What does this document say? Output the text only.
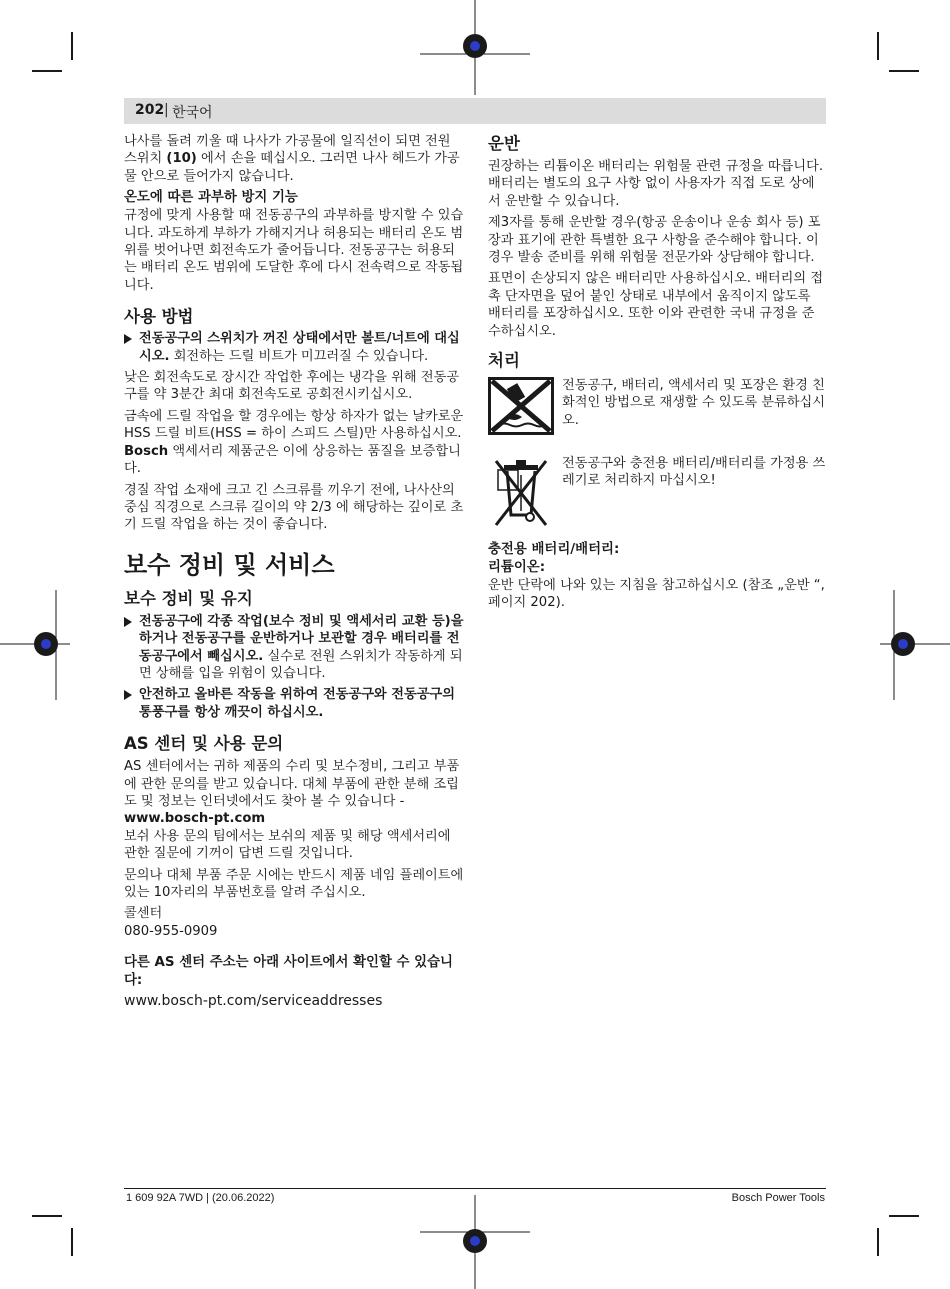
202 | 한국어

나사를 돌려 끼울 때 나사가 가공물에 일직선이 되면 전원 스위치 (10) 에서 손을 떼십시오. 그러면 나사 헤드가 가공물 안으로 들어가지 않습니다.

온도에 따른 과부하 방지 기능

규정에 맞게 사용할 때 전동공구의 과부하를 방지할 수 있습니다. 과도하게 부하가 가해지거나 허용되는 배터리 온도 범위를 벗어나면 회전속도가 줄어듭니다. 전동공구는 허용되는 배터리 온도 범위에 도달한 후에 다시 전속력으로 작동됩니다.

사용 방법
전동공구의 스위치가 꺼진 상태에서만 볼트/너트에 대십시오. 회전하는 드릴 비트가 미끄러질 수 있습니다.

낮은 회전속도로 장시간 작업한 후에는 냉각을 위해 전동공구를 약 3분간 최대 회전속도로 공회전시키십시오.

금속에 드릴 작업을 할 경우에는 항상 하자가 없는 날카로운 HSS 드릴 비트(HSS = 하이 스피드 스틸)만 사용하십시오. Bosch 액세서리 제품군은 이에 상응하는 품질을 보증합니다.

경질 작업 소재에 크고 긴 스크류를 끼우기 전에, 나사산의 중심 직경으로 스크류 길이의 약 2/3 에 해당하는 깊이로 초기 드릴 작업을 하는 것이 좋습니다.

보수 정비 및 서비스
보수 정비 및 유지
전동공구에 각종 작업(보수 정비 및 액세서리 교환 등)을 하거나 전동공구를 운반하거나 보관할 경우 배터리를 전동공구에서 빼십시오. 실수로 전원 스위치가 작동하게 되면 상해를 입을 위험이 있습니다.
안전하고 올바른 작동을 위하여 전동공구와 전동공구의 통풍구를 항상 깨끗이 하십시오.
AS 센터 및 사용 문의

AS 센터에서는 귀하 제품의 수리 및 보수정비, 그리고 부품에 관한 문의를 받고 있습니다. 대체 부품에 관한 분해 조립도 및 정보는 인터넷에서도 찾아 볼 수 있습니다 - www.bosch-pt.com

보쉬 사용 문의 팀에서는 보쉬의 제품 및 해당 액세서리에 관한 질문에 기꺼이 답변 드릴 것입니다.

문의나 대체 부품 주문 시에는 반드시 제품 네임 플레이트에 있는 10자리의 부품번호를 알려 주십시오.

콜센터
080-955-0909
다른 AS 센터 주소는 아래 사이트에서 확인할 수 있습니다:
www.bosch-pt.com/serviceaddresses
운반

권장하는 리튬이온 배터리는 위험물 관련 규정을 따릅니다. 배터리는 별도의 요구 사항 없이 사용자가 직접 도로 상에서 운반할 수 있습니다.

제3자를 통해 운반할 경우(항공 운송이나 운송 회사 등) 포장과 표기에 관한 특별한 요구 사항을 준수해야 합니다. 이 경우 발송 준비를 위해 위험물 전문가와 상담해야 합니다.

표면이 손상되지 않은 배터리만 사용하십시오. 배터리의 접촉 단자면을 덮어 붙인 상태로 내부에서 움직이지 않도록 배터리를 포장하십시오. 또한 이와 관련한 국내 규정을 준수하십시오.

처리
전동공구, 배터리, 액세서리 및 포장은 환경 친화적인 방법으로 재생할 수 있도록 분류하십시오.
전동공구와 충전용 배터리/배터리를 가정용 쓰레기로 처리하지 마십시오!
충전용 배터리/배터리:
리튬이온:

운반 단락에 나와 있는 지침을 참고하십시오 (참조 „운반 “, 페이지 202).

1 609 92A 7WD | (20.06.2022)	Bosch Power Tools
